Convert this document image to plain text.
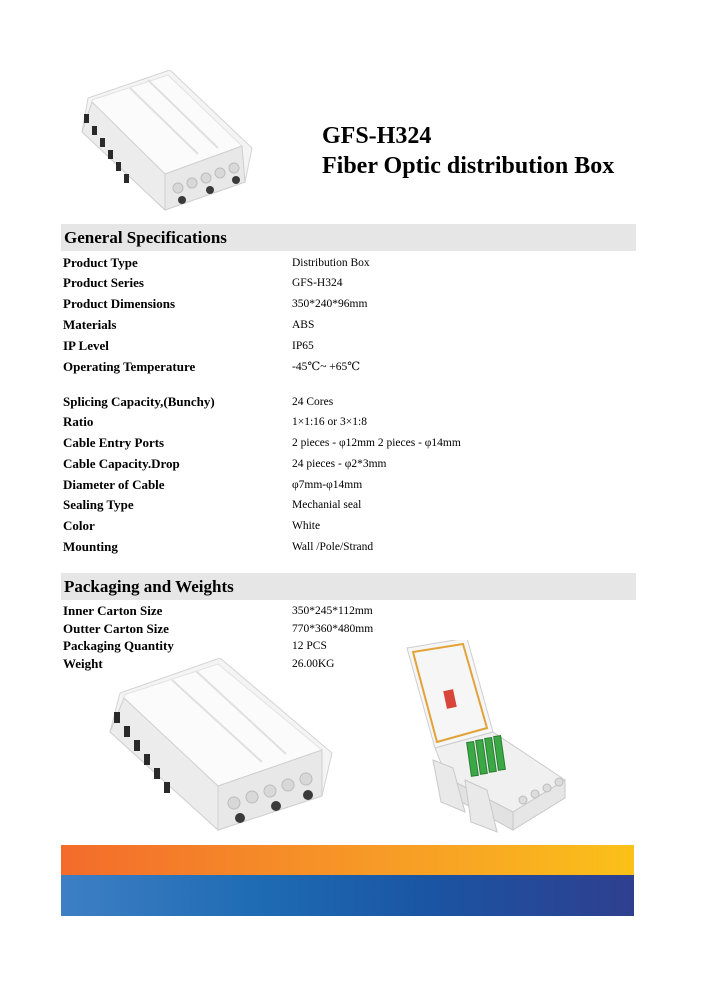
GFS-H324
Fiber Optic distribution Box
General Specifications
Product Type	Distribution Box
Product Series	GFS-H324
Product Dimensions	350*240*96mm
Materials	ABS
IP Level	IP65
Operating Temperature	-45℃~ +65℃
Splicing Capacity,(Bunchy)	24 Cores
Ratio	1×1:16 or 3×1:8
Cable Entry Ports	2 pieces - φ12mm 2 pieces - φ14mm
Cable Capacity.Drop	24 pieces - φ2*3mm
Diameter of Cable	φ7mm-φ14mm
Sealing Type	Mechanial seal
Color	White
Mounting	Wall /Pole/Strand
Packaging and Weights
Inner Carton Size	350*245*112mm
Outter Carton Size	770*360*480mm
Packaging Quantity	12 PCS
Weight	26.00KG
